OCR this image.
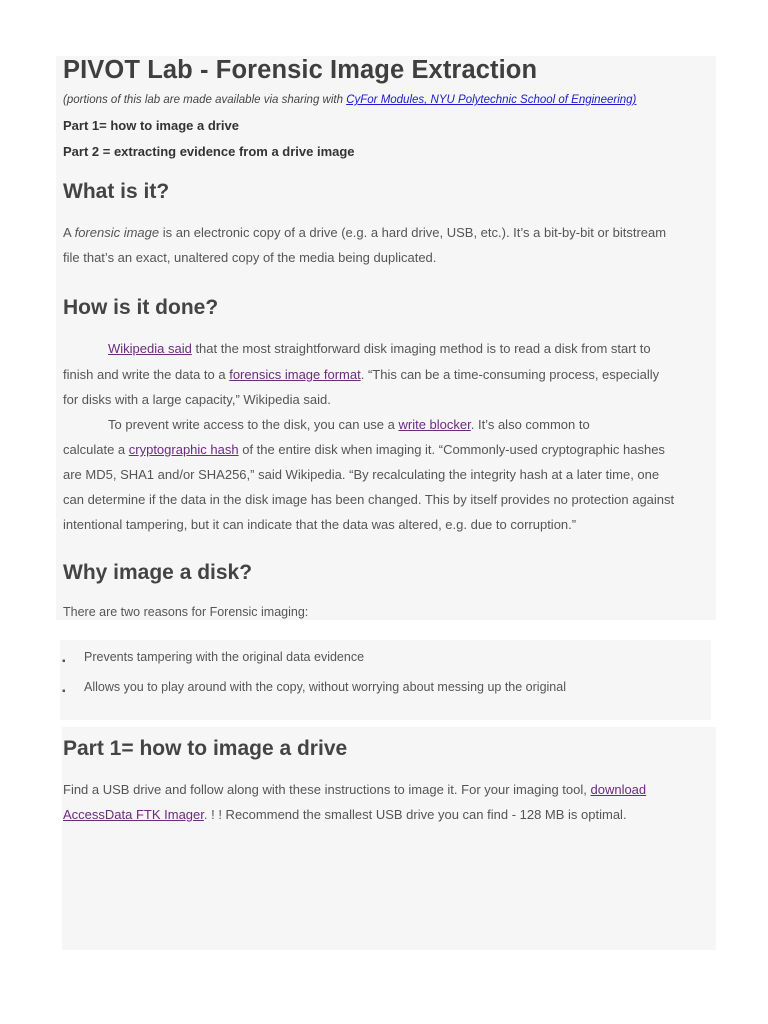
PIVOT Lab - Forensic Image Extraction
(portions of this lab are made available via sharing with CyFor Modules, NYU Polytechnic School of Engineering)
Part 1= how to image a drive
Part 2 = extracting evidence from a drive image
What is it?
A forensic image is an electronic copy of a drive (e.g. a hard drive, USB, etc.). It’s a bit-by-bit or bitstream
file that’s an exact, unaltered copy of the media being duplicated.
How is it done?
Wikipedia said that the most straightforward disk imaging method is to read a disk from start to
finish and write the data to a forensics image format. “This can be a time-consuming process, especially
for disks with a large capacity,” Wikipedia said.
To prevent write access to the disk, you can use a write blocker. It’s also common to
calculate a cryptographic hash of the entire disk when imaging it. “Commonly-used cryptographic hashes
are MD5, SHA1 and/or SHA256,” said Wikipedia. “By recalculating the integrity hash at a later time, one
can determine if the data in the disk image has been changed. This by itself provides no protection against
intentional tampering, but it can indicate that the data was altered, e.g. due to corruption.”
Why image a disk?
There are two reasons for Forensic imaging:
▪ Prevents tampering with the original data evidence
▪ Allows you to play around with the copy, without worrying about messing up the original
Part 1= how to image a drive
Find a USB drive and follow along with these instructions to image it. For your imaging tool, download
AccessData FTK Imager. ! ! Recommend the smallest USB drive you can find - 128 MB is optimal.
